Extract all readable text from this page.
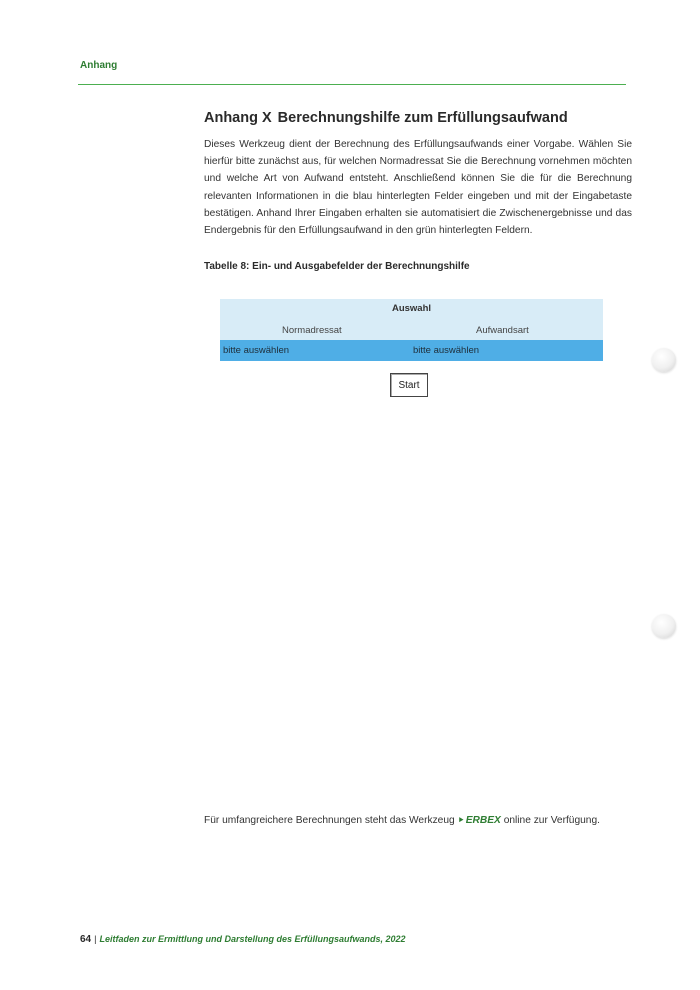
Anhang
Anhang X Berechnungshilfe zum Erfüllungsaufwand

Dieses Werkzeug dient der Berechnung des Erfüllungsaufwands einer Vorgabe. Wählen Sie hierfür bitte zunächst aus, für welchen Normadressat Sie die Berechnung vornehmen möchten und welche Art von Aufwand entsteht. Anschließend können Sie die für die Berechnung relevanten Informationen in die blau hinterlegten Felder eingeben und mit der Eingabetaste bestätigen. Anhand Ihrer Eingaben erhalten sie automatisiert die Zwischenergebnisse und das Endergebnis für den Erfüllungsaufwand in den grün hinterlegten Feldern.

Tabelle 8: Ein- und Ausgabefelder der Berechnungshilfe

Auswahl
Normadressat	Aufwandsart
bitte auswählen	bitte auswählen
Start
Für umfangreichere Berechnungen steht das Werkzeug ⯈ERBEX online zur Verfügung.
64 | Leitfaden zur Ermittlung und Darstellung des Erfüllungsaufwands, 2022
